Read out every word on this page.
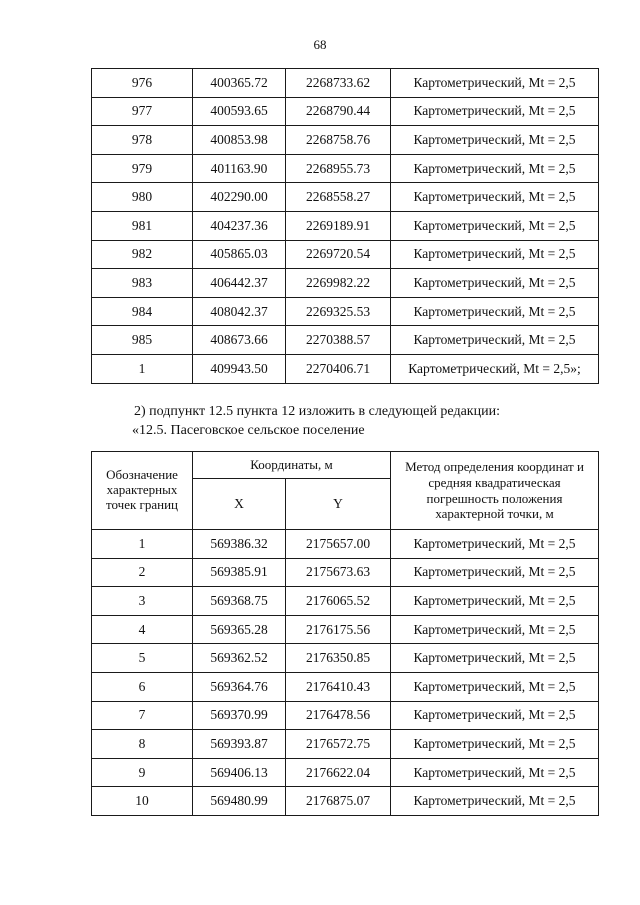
68
976	400365.72	2268733.62	Картометрический, Mt = 2,5
977	400593.65	2268790.44	Картометрический, Mt = 2,5
978	400853.98	2268758.76	Картометрический, Mt = 2,5
979	401163.90	2268955.73	Картометрический, Mt = 2,5
980	402290.00	2268558.27	Картометрический, Mt = 2,5
981	404237.36	2269189.91	Картометрический, Mt = 2,5
982	405865.03	2269720.54	Картометрический, Mt = 2,5
983	406442.37	2269982.22	Картометрический, Mt = 2,5
984	408042.37	2269325.53	Картометрический, Mt = 2,5
985	408673.66	2270388.57	Картометрический, Mt = 2,5
1	409943.50	2270406.71	Картометрический, Mt = 2,5»;
2) подпункт 12.5 пункта 12 изложить в следующей редакции:
«12.5. Пасеговское сельское поселение
Обозначение характерных точек границ	Координаты, м		Метод определения координат и средняя квадратическая погрешность положения характерной точки, м
	X	Y	
1	569386.32	2175657.00	Картометрический, Mt = 2,5
2	569385.91	2175673.63	Картометрический, Mt = 2,5
3	569368.75	2176065.52	Картометрический, Mt = 2,5
4	569365.28	2176175.56	Картометрический, Mt = 2,5
5	569362.52	2176350.85	Картометрический, Mt = 2,5
6	569364.76	2176410.43	Картометрический, Mt = 2,5
7	569370.99	2176478.56	Картометрический, Mt = 2,5
8	569393.87	2176572.75	Картометрический, Mt = 2,5
9	569406.13	2176622.04	Картометрический, Mt = 2,5
10	569480.99	2176875.07	Картометрический, Mt = 2,5
